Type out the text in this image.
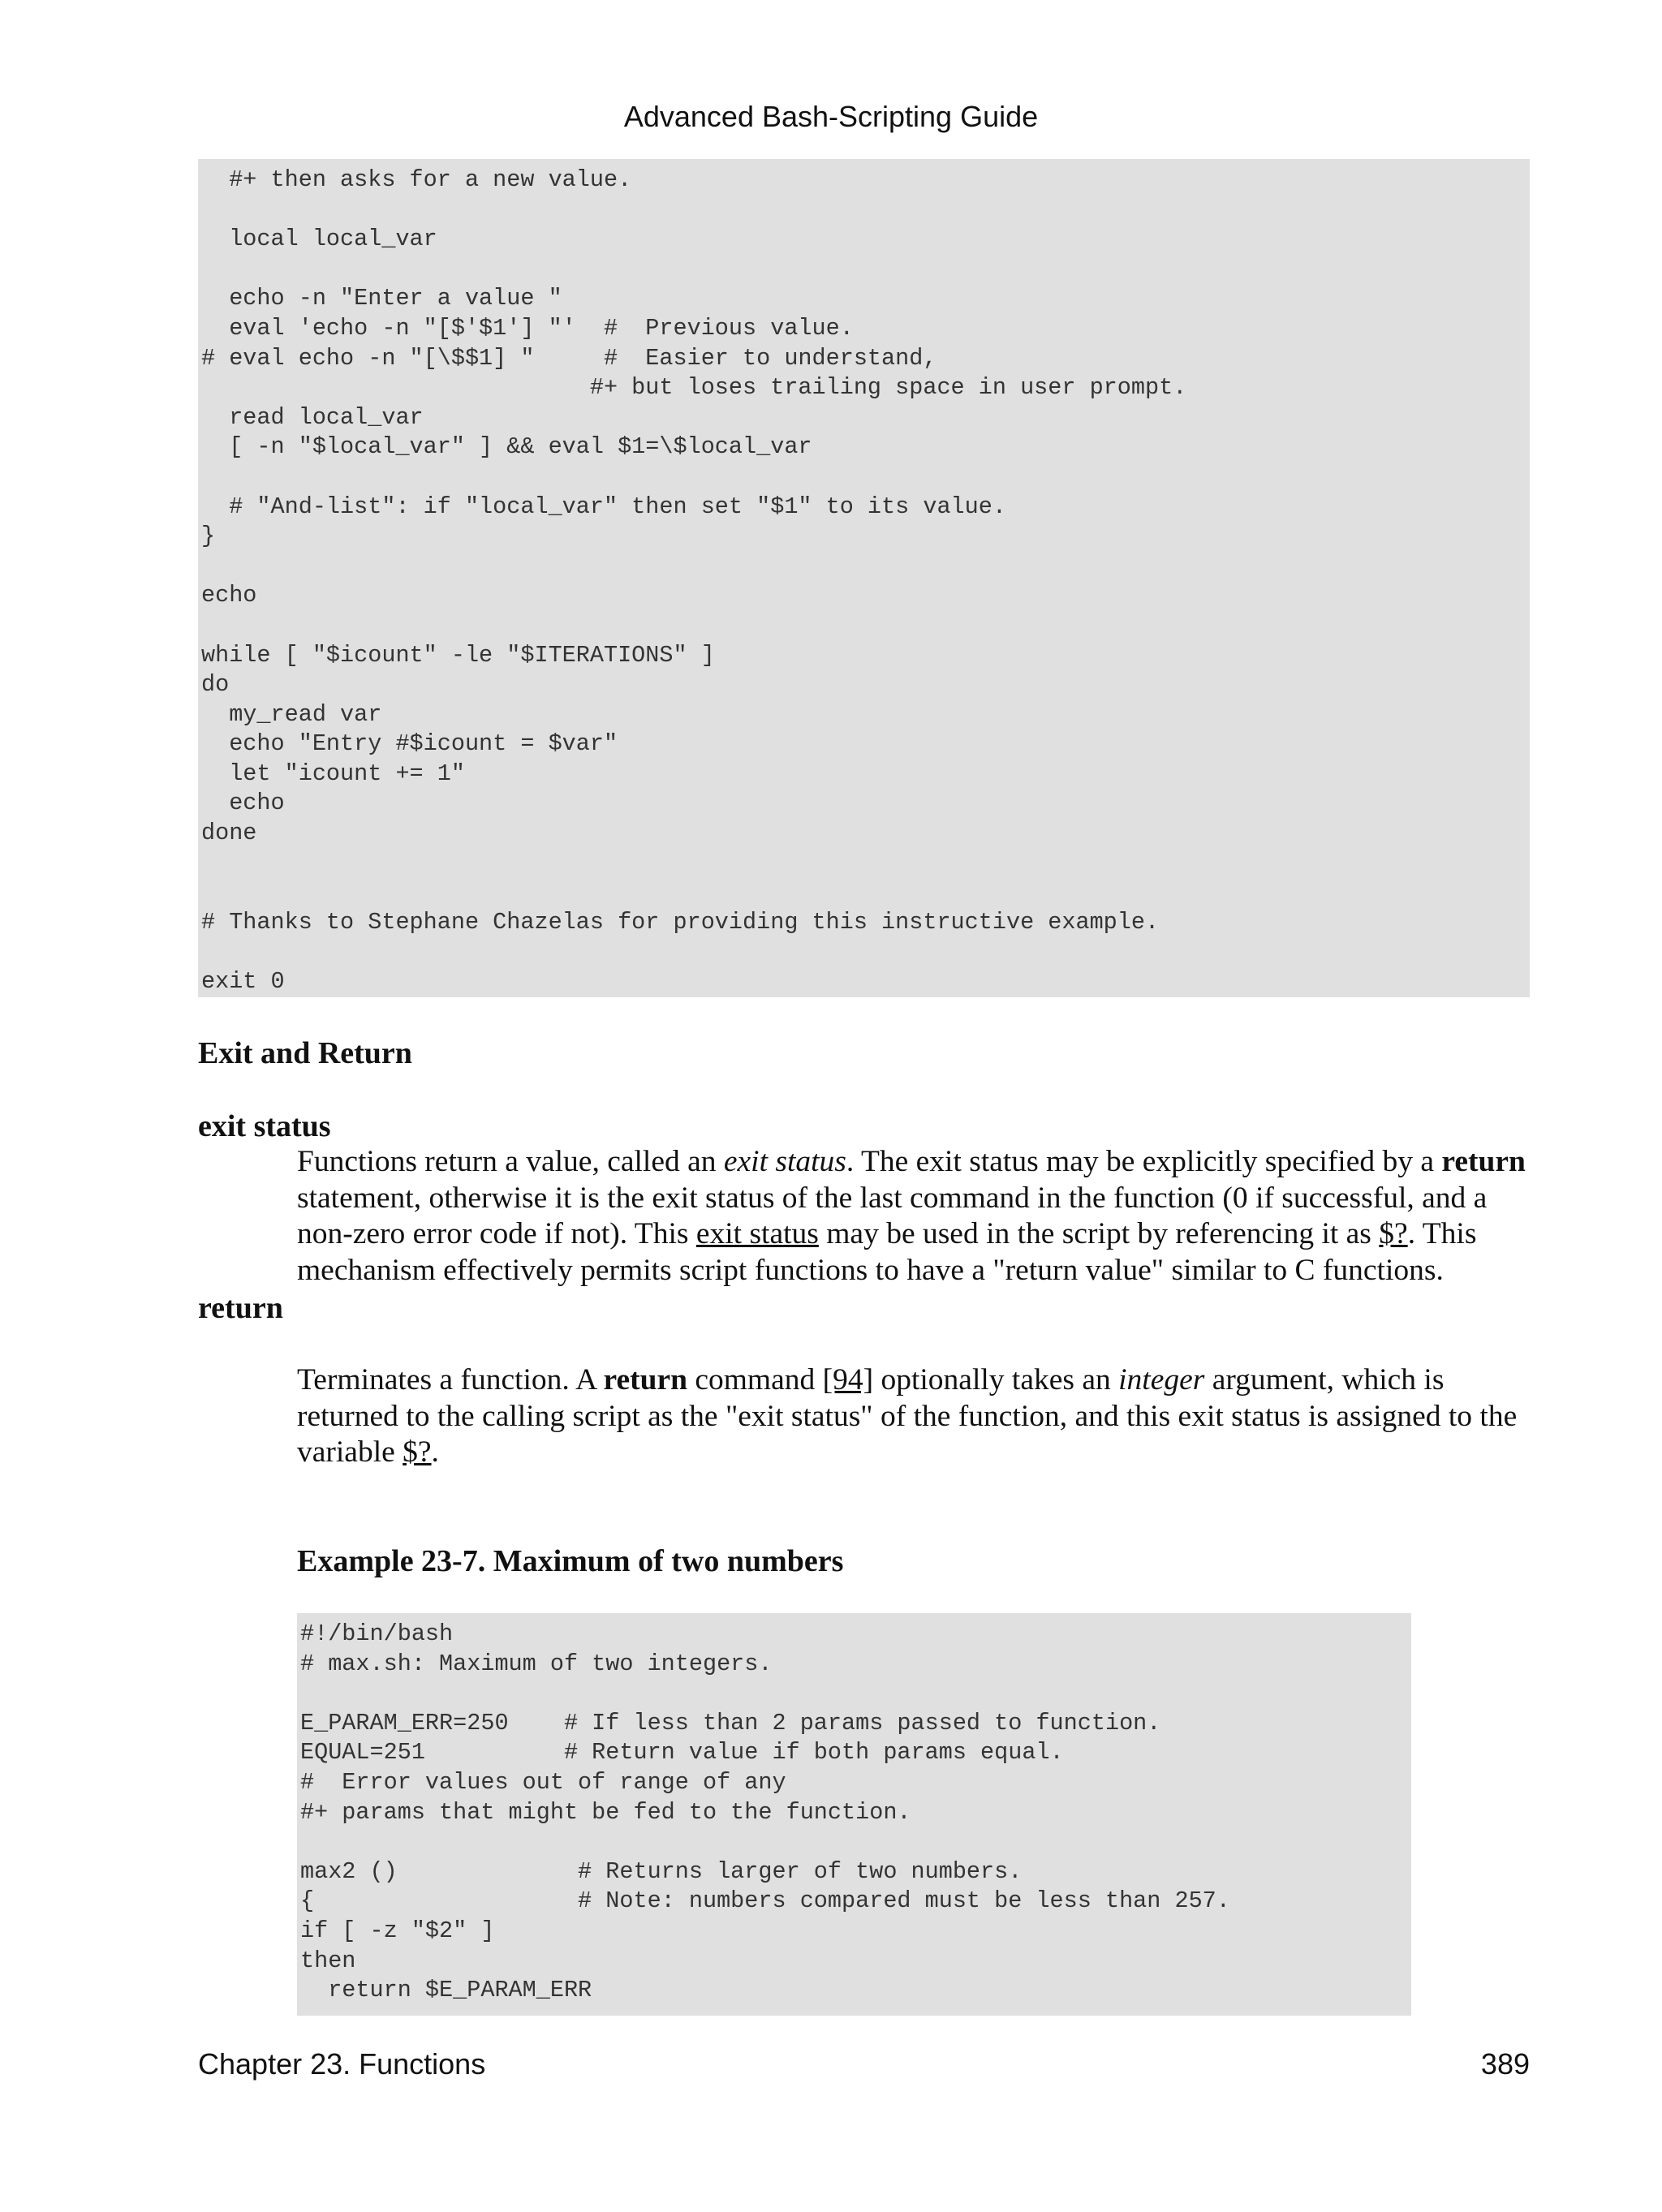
Advanced Bash-Scripting Guide
#+ then asks for a new value.

local local_var

echo -n "Enter a value "
eval 'echo -n "[$'$1'] "'  #  Previous value.
# eval echo -n "[\$$1] "     #  Easier to understand,
#+ but loses trailing space in user prompt.
read local_var
[ -n "$local_var" ] && eval $1=\$local_var

# "And-list": if "local_var" then set "$1" to its value.
}

echo

while [ "$icount" -le "$ITERATIONS" ]
do
my_read var
echo "Entry #$icount = $var"
let "icount += 1"
echo
done

# Thanks to Stephane Chazelas for providing this instructive example.

exit 0
Exit and Return
exit status

Functions return a value, called an exit status. The exit status may be explicitly specified by a return statement, otherwise it is the exit status of the last command in the function (0 if successful, and a non-zero error code if not). This exit status may be used in the script by referencing it as $?. This mechanism effectively permits script functions to have a "return value" similar to C functions.

return

Terminates a function. A return command [94] optionally takes an integer argument, which is returned to the calling script as the "exit status" of the function, and this exit status is assigned to the variable $?.

Example 23-7. Maximum of two numbers
#!/bin/bash
# max.sh: Maximum of two integers.

E_PARAM_ERR=250    # If less than 2 params passed to function.
EQUAL=251          # Return value if both params equal.
#  Error values out of range of any
#+ params that might be fed to the function.

max2 ()             # Returns larger of two numbers.
{                   # Note: numbers compared must be less than 257.
if [ -z "$2" ]
then
return $E_PARAM_ERR
Chapter 23. Functions	389
